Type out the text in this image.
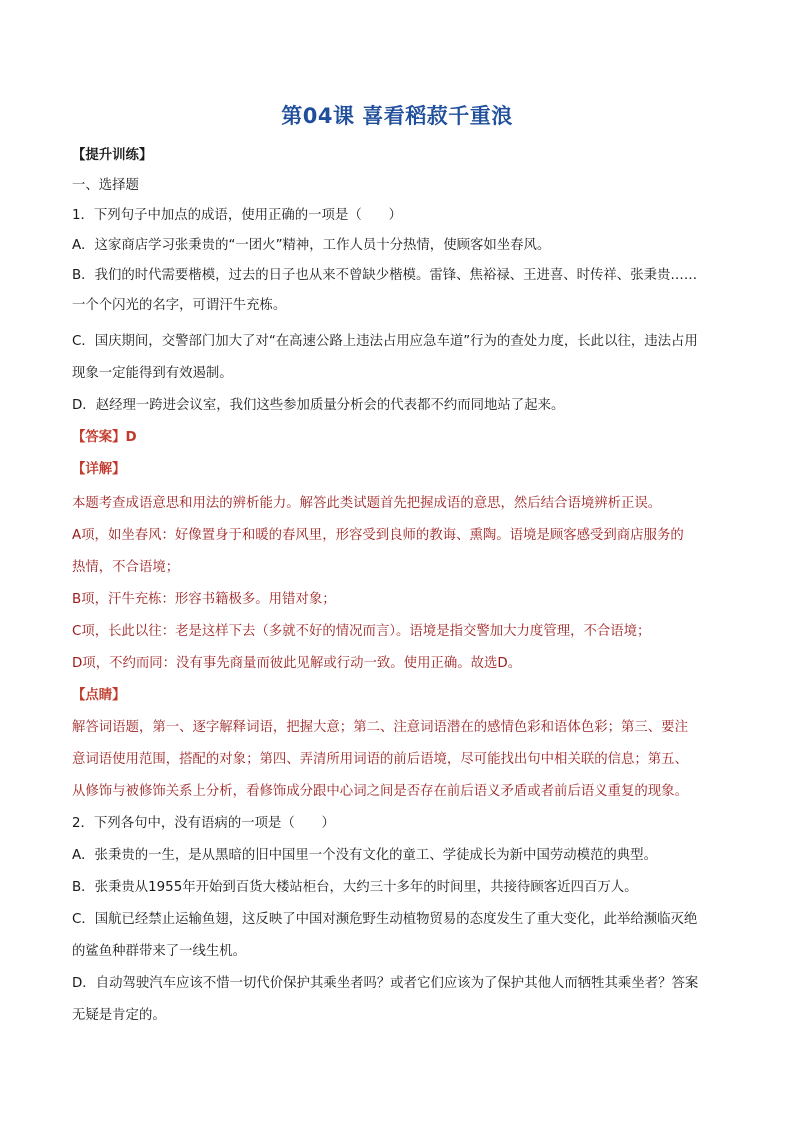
第04课 喜看稻菽千重浪
【提升训练】
一、选择题
1．下列句子中加点的成语，使用正确的一项是（　　）
A．这家商店学习张秉贵的“一团火”精神，工作人员十分热情，使顾客如坐春风。
B．我们的时代需要楷模，过去的日子也从来不曾缺少楷模。雷锋、焦裕禄、王进喜、时传祥、张秉贵……
一个个闪光的名字，可谓汗牛充栋。
C．国庆期间，交警部门加大了对“在高速公路上违法占用应急车道”行为的查处力度，长此以往，违法占用
现象一定能得到有效遏制。
D．赵经理一跨进会议室，我们这些参加质量分析会的代表都不约而同地站了起来。
【答案】D
【详解】
本题考查成语意思和用法的辨析能力。解答此类试题首先把握成语的意思，然后结合语境辨析正误。
A项，如坐春风：好像置身于和暖的春风里，形容受到良师的教诲、熏陶。语境是顾客感受到商店服务的
热情，不合语境；
B项，汗牛充栋：形容书籍极多。用错对象；
C项，长此以往：老是这样下去（多就不好的情况而言）。语境是指交警加大力度管理，不合语境；
D项，不约而同：没有事先商量而彼此见解或行动一致。使用正确。故选D。
【点睛】
解答词语题，第一、逐字解释词语，把握大意；第二、注意词语潜在的感情色彩和语体色彩；第三、要注
意词语使用范围，搭配的对象；第四、弄清所用词语的前后语境，尽可能找出句中相关联的信息；第五、
从修饰与被修饰关系上分析，看修饰成分跟中心词之间是否存在前后语义矛盾或者前后语义重复的现象。
2．下列各句中，没有语病的一项是（　　）
A．张秉贵的一生，是从黑暗的旧中国里一个没有文化的童工、学徒成长为新中国劳动模范的典型。
B．张秉贵从1955年开始到百货大楼站柜台，大约三十多年的时间里，共接待顾客近四百万人。
C．国航已经禁止运输鱼翅，这反映了中国对濒危野生动植物贸易的态度发生了重大变化，此举给濒临灭绝
的鲨鱼种群带来了一线生机。
D．自动驾驶汽车应该不惜一切代价保护其乘坐者吗？或者它们应该为了保护其他人而牺牲其乘坐者？答案
无疑是肯定的。
